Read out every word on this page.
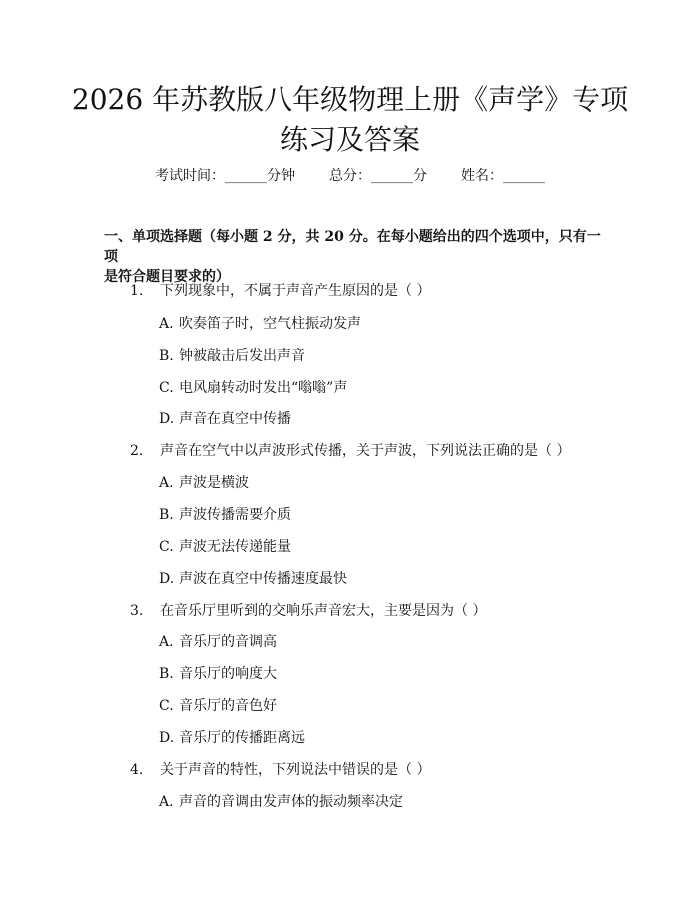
2026 年苏教版八年级物理上册《声学》专项
练习及答案
考试时间：______分钟 总分：______分 姓名：______
一、单项选择题（每小题 2 分，共 20 分。在每小题给出的四个选项中，只有一项
是符合题目要求的）
1. 下列现象中，不属于声音产生原因的是（ ）
A. 吹奏笛子时，空气柱振动发声
B. 钟被敲击后发出声音
C. 电风扇转动时发出“嗡嗡”声
D. 声音在真空中传播
2. 声音在空气中以声波形式传播，关于声波，下列说法正确的是（ ）
A. 声波是横波
B. 声波传播需要介质
C. 声波无法传递能量
D. 声波在真空中传播速度最快
3. 在音乐厅里听到的交响乐声音宏大，主要是因为（ ）
A. 音乐厅的音调高
B. 音乐厅的响度大
C. 音乐厅的音色好
D. 音乐厅的传播距离远
4. 关于声音的特性，下列说法中错误的是（ ）
A. 声音的音调由发声体的振动频率决定
